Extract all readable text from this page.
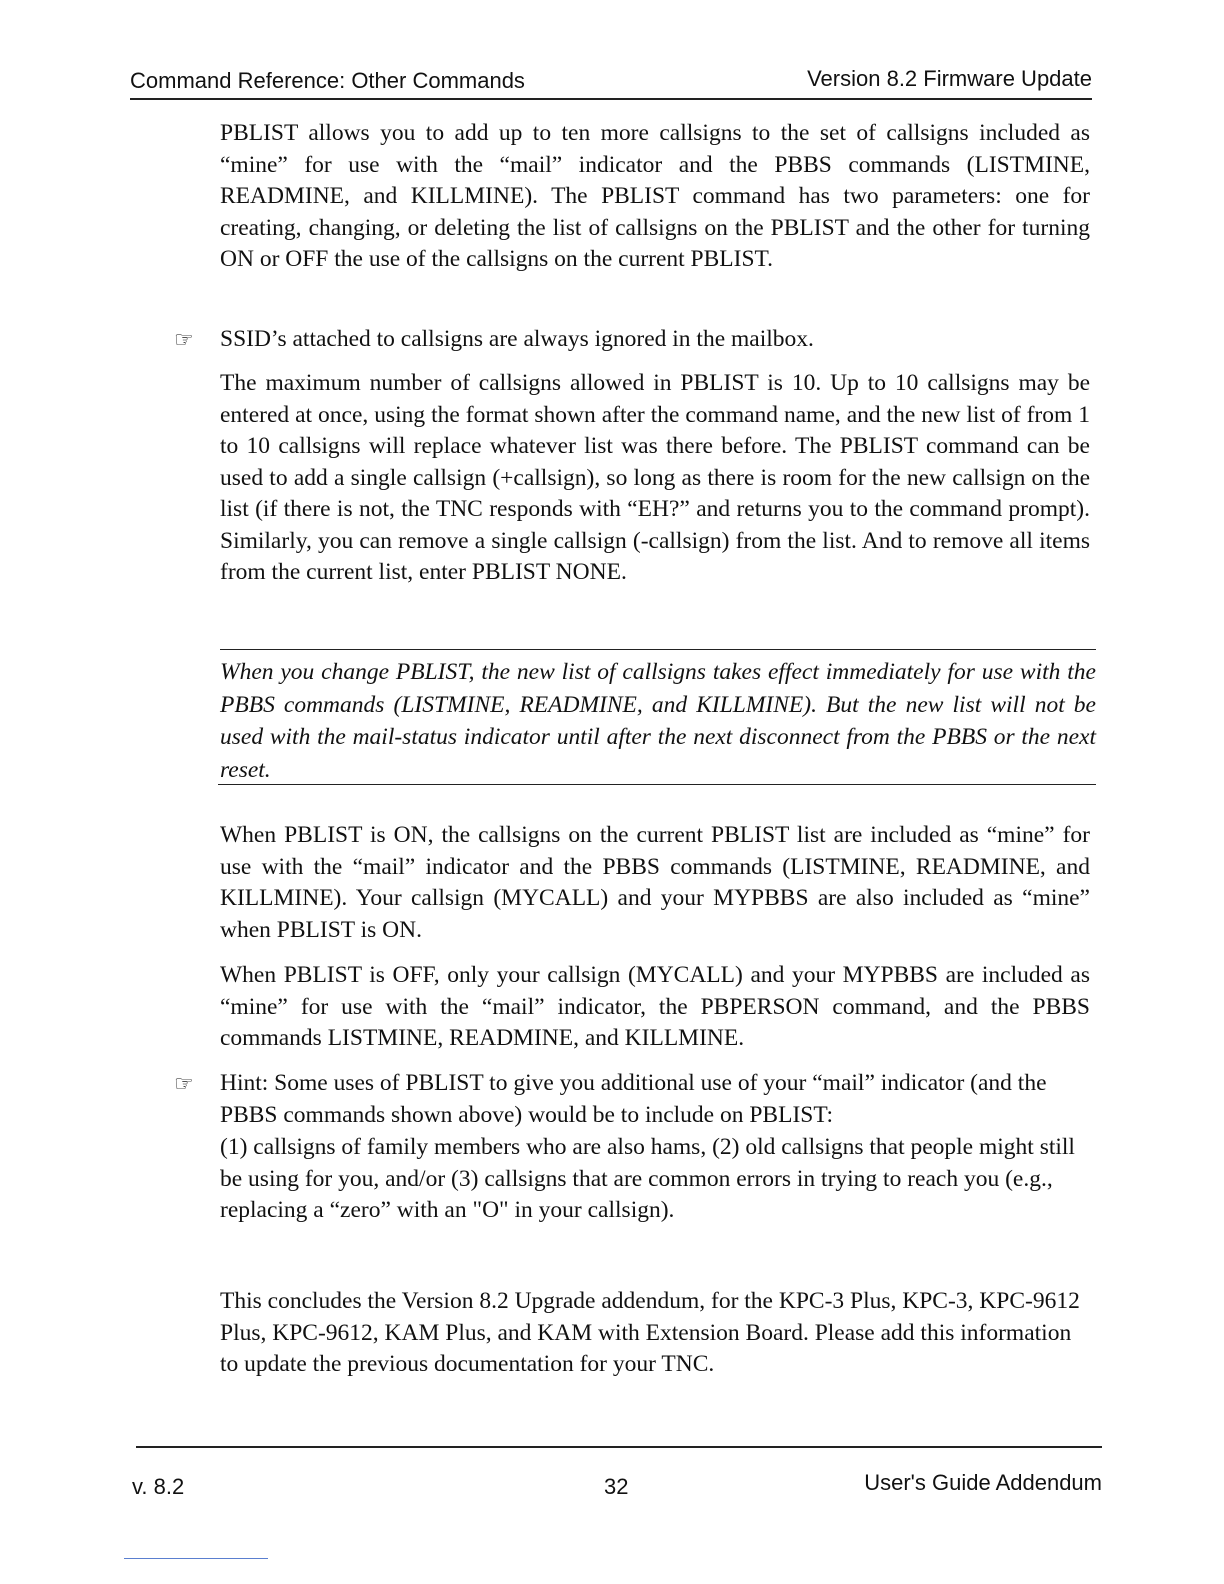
Command Reference: Other Commands	Version 8.2 Firmware Update

PBLIST allows you to add up to ten more callsigns to the set of callsigns included as “mine” for use with the “mail” indicator and the PBBS commands (LISTMINE, READMINE, and KILLMINE). The PBLIST command has two parameters: one for creating, changing, or deleting the list of callsigns on the PBLIST and the other for turning ON or OFF the use of the callsigns on the current PBLIST.

☞ SSID’s attached to callsigns are always ignored in the mailbox.

The maximum number of callsigns allowed in PBLIST is 10. Up to 10 callsigns may be entered at once, using the format shown after the command name, and the new list of from 1 to 10 callsigns will replace whatever list was there before. The PBLIST command can be used to add a single callsign (+callsign), so long as there is room for the new callsign on the list (if there is not, the TNC responds with “EH?” and returns you to the command prompt). Similarly, you can remove a single callsign (-callsign) from the list. And to remove all items from the current list, enter PBLIST NONE.

When you change PBLIST, the new list of callsigns takes effect immediately for use with the PBBS commands (LISTMINE, READMINE, and KILLMINE). But the new list will not be used with the mail-status indicator until after the next disconnect from the PBBS or the next reset.

When PBLIST is ON, the callsigns on the current PBLIST list are included as “mine” for use with the “mail” indicator and the PBBS commands (LISTMINE, READMINE, and KILLMINE). Your callsign (MYCALL) and your MYPBBS are also included as “mine” when PBLIST is ON.

When PBLIST is OFF, only your callsign (MYCALL) and your MYPBBS are included as “mine” for use with the “mail” indicator, the PBPERSON command, and the PBBS commands LISTMINE, READMINE, and KILLMINE.

☞ Hint: Some uses of PBLIST to give you additional use of your “mail” indicator (and the PBBS commands shown above) would be to include on PBLIST:

(1) callsigns of family members who are also hams, (2) old callsigns that people might still be using for you, and/or (3) callsigns that are common errors in trying to reach you (e.g., replacing a “zero” with an "O" in your callsign).

This concludes the Version 8.2 Upgrade addendum, for the KPC-3 Plus, KPC-3, KPC-9612 Plus, KPC-9612, KAM Plus, and KAM with Extension Board. Please add this information to update the previous documentation for your TNC.

v. 8.2	32	User's Guide Addendum
